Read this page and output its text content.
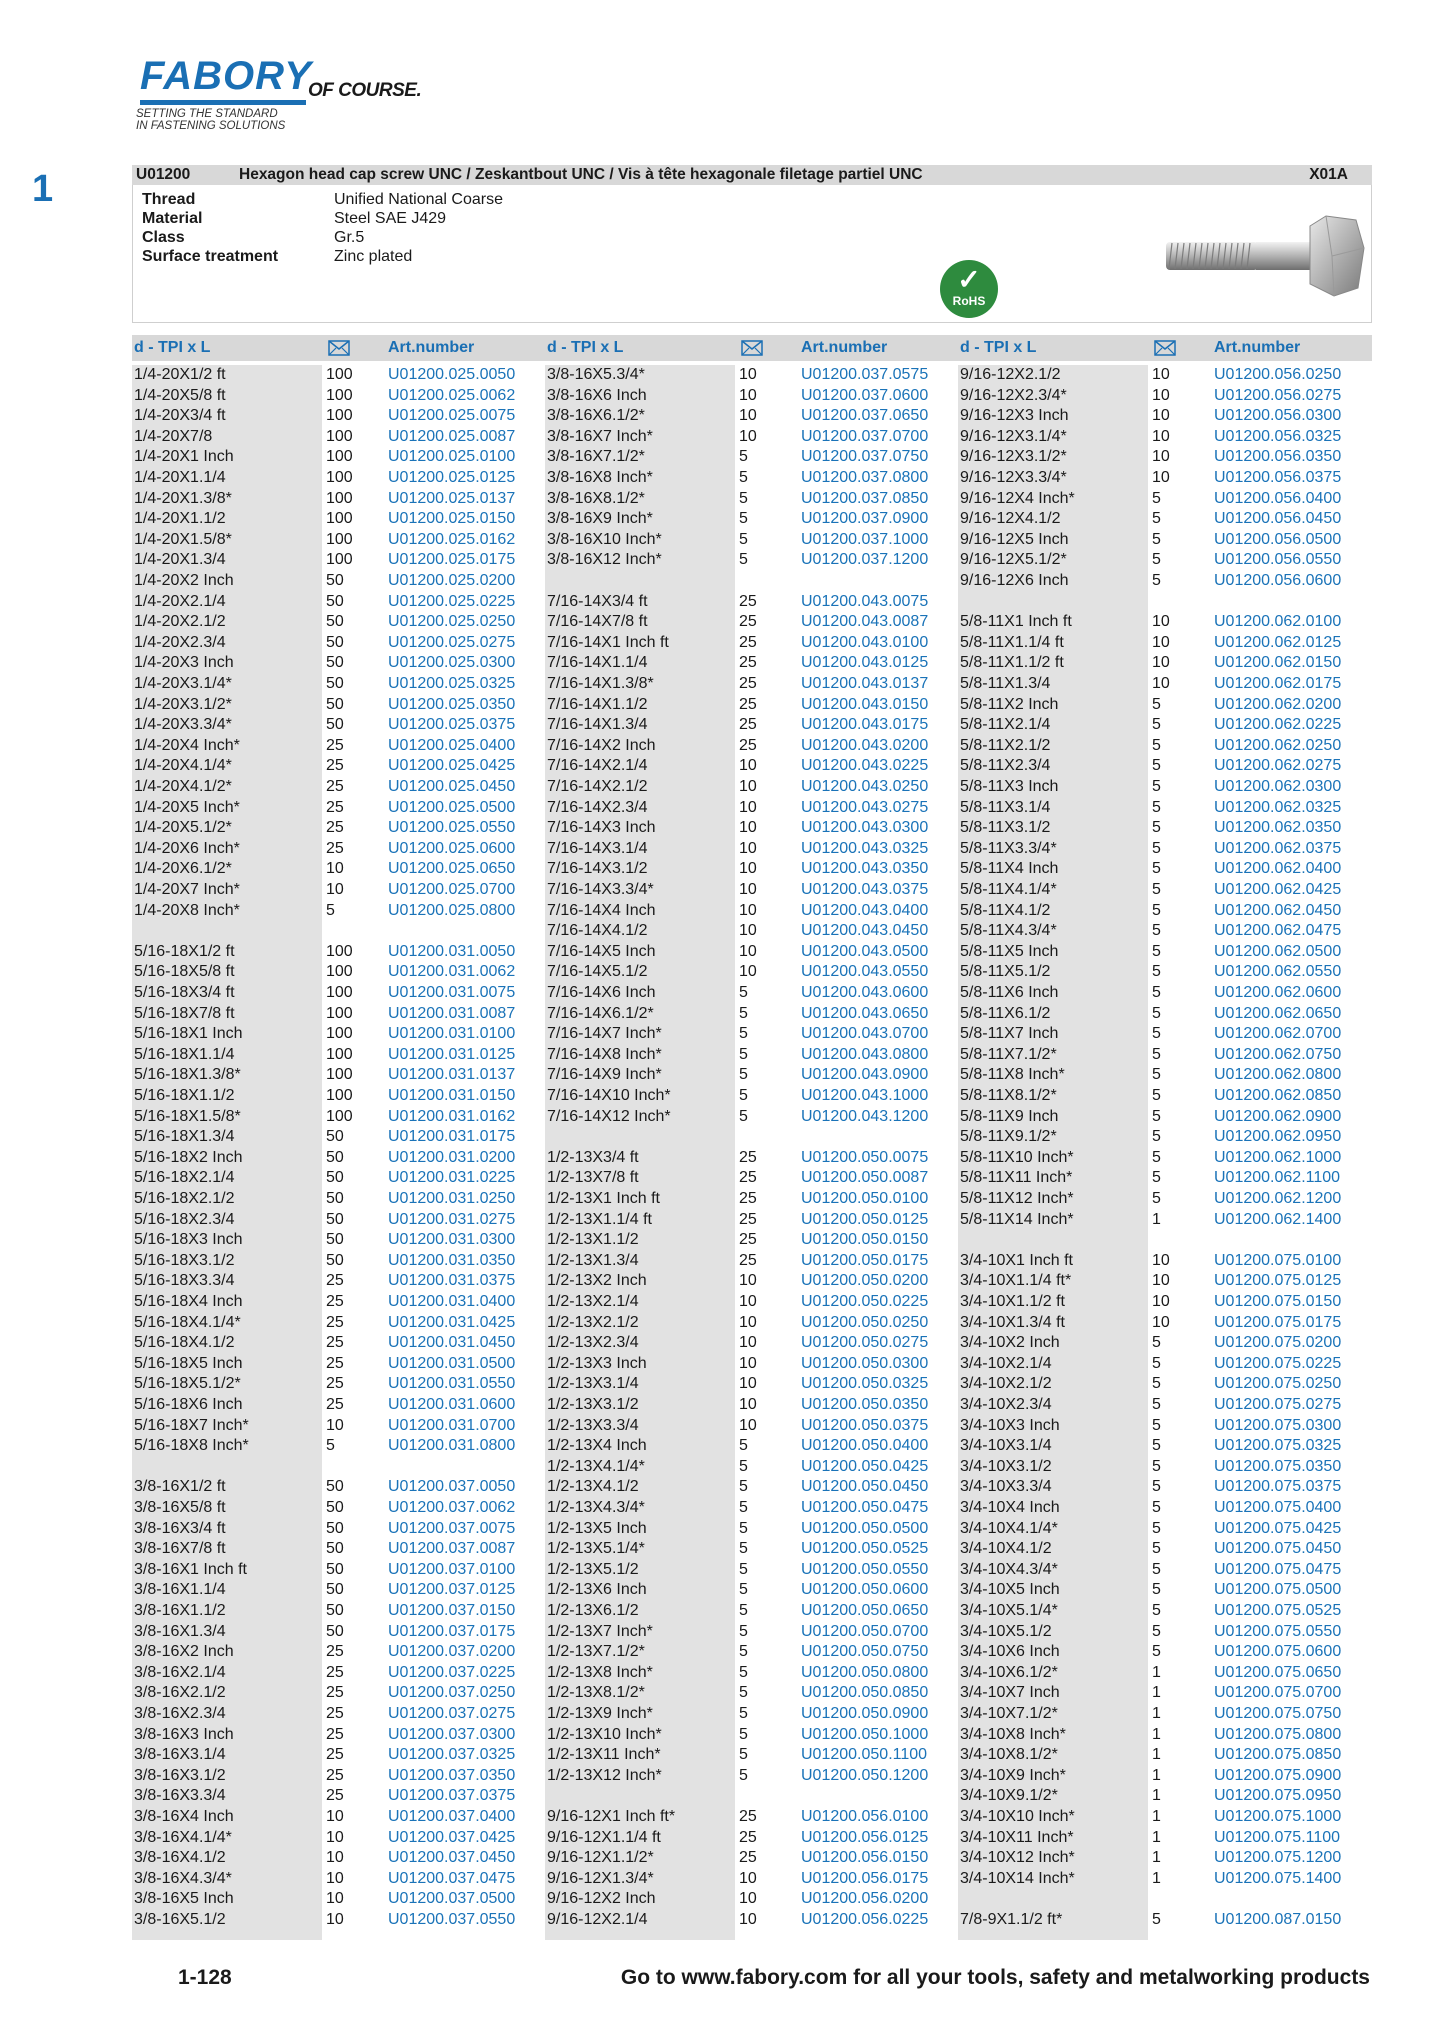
FABORY
OF COURSE.
SETTING THE STANDARD
IN FASTENING SOLUTIONS
1	U01200	Hexagon head cap screw UNC / Zeskantbout UNC / Vis à tête hexagonale filetage partiel UNC	X01A
Thread	Unified National Coarse
Material	Steel SAE J429
Class	Gr.5
Surface treatment	Zinc plated
✓
RoHS
d - TPI x L	Art.number	d - TPI x L	Art.number	d - TPI x L	Art.number
1/4-20X1/2 ft	100 U01200.025.0050
1/4-20X5/8 ft	100 U01200.025.0062
1/4-20X3/4 ft	100 U01200.025.0075
1/4-20X7/8	100 U01200.025.0087
1/4-20X1 Inch	100 U01200.025.0100
1/4-20X1.1/4	100 U01200.025.0125
1/4-20X1.3/8*	100 U01200.025.0137
1/4-20X1.1/2	100 U01200.025.0150
1/4-20X1.5/8*	100 U01200.025.0162
1/4-20X1.3/4	100 U01200.025.0175
1/4-20X2 Inch	50	U01200.025.0200
1/4-20X2.1/4	50	U01200.025.0225
1/4-20X2.1/2	50	U01200.025.0250
1/4-20X2.3/4	50	U01200.025.0275
1/4-20X3 Inch	50	U01200.025.0300
1/4-20X3.1/4*	50	U01200.025.0325
1/4-20X3.1/2*	50	U01200.025.0350
1/4-20X3.3/4*	50	U01200.025.0375
1/4-20X4 Inch*	25	U01200.025.0400
1/4-20X4.1/4*	25	U01200.025.0425
1/4-20X4.1/2*	25	U01200.025.0450
1/4-20X5 Inch*	25	U01200.025.0500
1/4-20X5.1/2*	25	U01200.025.0550
1/4-20X6 Inch*	25	U01200.025.0600
1/4-20X6.1/2*	10	U01200.025.0650
1/4-20X7 Inch*	10	U01200.025.0700
1/4-20X8 Inch*	5	U01200.025.0800
5/16-18X1/2 ft	100 U01200.031.0050
5/16-18X5/8 ft	100 U01200.031.0062
5/16-18X3/4 ft	100 U01200.031.0075
5/16-18X7/8 ft	100 U01200.031.0087
5/16-18X1 Inch	100 U01200.031.0100
5/16-18X1.1/4	100 U01200.031.0125
5/16-18X1.3/8*	100 U01200.031.0137
5/16-18X1.1/2	100 U01200.031.0150
5/16-18X1.5/8*	100 U01200.031.0162
5/16-18X1.3/4	50	U01200.031.0175
5/16-18X2 Inch	50	U01200.031.0200
5/16-18X2.1/4	50	U01200.031.0225
5/16-18X2.1/2	50	U01200.031.0250
5/16-18X2.3/4	50	U01200.031.0275
5/16-18X3 Inch	50	U01200.031.0300
5/16-18X3.1/2	50	U01200.031.0350
5/16-18X3.3/4	25	U01200.031.0375
5/16-18X4 Inch	25	U01200.031.0400
5/16-18X4.1/4*	25	U01200.031.0425
5/16-18X4.1/2	25	U01200.031.0450
5/16-18X5 Inch	25	U01200.031.0500
5/16-18X5.1/2*	25	U01200.031.0550
5/16-18X6 Inch	25	U01200.031.0600
5/16-18X7 Inch*	10	U01200.031.0700
5/16-18X8 Inch*	5	U01200.031.0800
3/8-16X1/2 ft	50	U01200.037.0050
3/8-16X5/8 ft	50	U01200.037.0062
3/8-16X3/4 ft	50	U01200.037.0075
3/8-16X7/8 ft	50	U01200.037.0087
3/8-16X1 Inch ft	50	U01200.037.0100
3/8-16X1.1/4	50	U01200.037.0125
3/8-16X1.1/2	50	U01200.037.0150
3/8-16X1.3/4	50	U01200.037.0175
3/8-16X2 Inch	25	U01200.037.0200
3/8-16X2.1/4	25	U01200.037.0225
3/8-16X2.1/2	25	U01200.037.0250
3/8-16X2.3/4	25	U01200.037.0275
3/8-16X3 Inch	25	U01200.037.0300
3/8-16X3.1/4	25	U01200.037.0325
3/8-16X3.1/2	25	U01200.037.0350
3/8-16X3.3/4	25	U01200.037.0375
3/8-16X4 Inch	10	U01200.037.0400
3/8-16X4.1/4*	10	U01200.037.0425
3/8-16X4.1/2	10	U01200.037.0450
3/8-16X4.3/4*	10	U01200.037.0475
3/8-16X5 Inch	10	U01200.037.0500
3/8-16X5.1/2	10	U01200.037.0550
3/8-16X5.3/4*	10	U01200.037.0575
3/8-16X6 Inch	10	U01200.037.0600
3/8-16X6.1/2*	10	U01200.037.0650
3/8-16X7 Inch*	10	U01200.037.0700
3/8-16X7.1/2*	5	U01200.037.0750
3/8-16X8 Inch*	5	U01200.037.0800
3/8-16X8.1/2*	5	U01200.037.0850
3/8-16X9 Inch*	5	U01200.037.0900
3/8-16X10 Inch*	5	U01200.037.1000
3/8-16X12 Inch*	5	U01200.037.1200
7/16-14X3/4 ft	25	U01200.043.0075
7/16-14X7/8 ft	25	U01200.043.0087
7/16-14X1 Inch ft	25	U01200.043.0100
7/16-14X1.1/4	25	U01200.043.0125
7/16-14X1.3/8*	25	U01200.043.0137
7/16-14X1.1/2	25	U01200.043.0150
7/16-14X1.3/4	25	U01200.043.0175
7/16-14X2 Inch	25	U01200.043.0200
7/16-14X2.1/4	10	U01200.043.0225
7/16-14X2.1/2	10	U01200.043.0250
7/16-14X2.3/4	10	U01200.043.0275
7/16-14X3 Inch	10	U01200.043.0300
7/16-14X3.1/4	10	U01200.043.0325
7/16-14X3.1/2	10	U01200.043.0350
7/16-14X3.3/4*	10	U01200.043.0375
7/16-14X4 Inch	10	U01200.043.0400
7/16-14X4.1/2	10	U01200.043.0450
7/16-14X5 Inch	10	U01200.043.0500
7/16-14X5.1/2	10	U01200.043.0550
7/16-14X6 Inch	5	U01200.043.0600
7/16-14X6.1/2*	5	U01200.043.0650
7/16-14X7 Inch*	5	U01200.043.0700
7/16-14X8 Inch*	5	U01200.043.0800
7/16-14X9 Inch*	5	U01200.043.0900
7/16-14X10 Inch*	5	U01200.043.1000
7/16-14X12 Inch*	5	U01200.043.1200
1/2-13X3/4 ft	25	U01200.050.0075
1/2-13X7/8 ft	25	U01200.050.0087
1/2-13X1 Inch ft	25	U01200.050.0100
1/2-13X1.1/4 ft	25	U01200.050.0125
1/2-13X1.1/2	25	U01200.050.0150
1/2-13X1.3/4	25	U01200.050.0175
1/2-13X2 Inch	10	U01200.050.0200
1/2-13X2.1/4	10	U01200.050.0225
1/2-13X2.1/2	10	U01200.050.0250
1/2-13X2.3/4	10	U01200.050.0275
1/2-13X3 Inch	10	U01200.050.0300
1/2-13X3.1/4	10	U01200.050.0325
1/2-13X3.1/2	10	U01200.050.0350
1/2-13X3.3/4	10	U01200.050.0375
1/2-13X4 Inch	5	U01200.050.0400
1/2-13X4.1/4*	5	U01200.050.0425
1/2-13X4.1/2	5	U01200.050.0450
1/2-13X4.3/4*	5	U01200.050.0475
1/2-13X5 Inch	5	U01200.050.0500
1/2-13X5.1/4*	5	U01200.050.0525
1/2-13X5.1/2	5	U01200.050.0550
1/2-13X6 Inch	5	U01200.050.0600
1/2-13X6.1/2	5	U01200.050.0650
1/2-13X7 Inch*	5	U01200.050.0700
1/2-13X7.1/2*	5	U01200.050.0750
1/2-13X8 Inch*	5	U01200.050.0800
1/2-13X8.1/2*	5	U01200.050.0850
1/2-13X9 Inch*	5	U01200.050.0900
1/2-13X10 Inch*	5	U01200.050.1000
1/2-13X11 Inch*	5	U01200.050.1100
1/2-13X12 Inch*	5	U01200.050.1200
9/16-12X1 Inch ft*	25	U01200.056.0100
9/16-12X1.1/4 ft	25	U01200.056.0125
9/16-12X1.1/2*	25	U01200.056.0150
9/16-12X1.3/4*	10	U01200.056.0175
9/16-12X2 Inch	10	U01200.056.0200
9/16-12X2.1/4	10	U01200.056.0225
9/16-12X2.1/2	10	U01200.056.0250
9/16-12X2.3/4*	10	U01200.056.0275
9/16-12X3 Inch	10	U01200.056.0300
9/16-12X3.1/4*	10	U01200.056.0325
9/16-12X3.1/2*	10	U01200.056.0350
9/16-12X3.3/4*	10	U01200.056.0375
9/16-12X4 Inch*	5	U01200.056.0400
9/16-12X4.1/2	5	U01200.056.0450
9/16-12X5 Inch	5	U01200.056.0500
9/16-12X5.1/2*	5	U01200.056.0550
9/16-12X6 Inch	5	U01200.056.0600
5/8-11X1 Inch ft	10	U01200.062.0100
5/8-11X1.1/4 ft	10	U01200.062.0125
5/8-11X1.1/2 ft	10	U01200.062.0150
5/8-11X1.3/4	10	U01200.062.0175
5/8-11X2 Inch	5	U01200.062.0200
5/8-11X2.1/4	5	U01200.062.0225
5/8-11X2.1/2	5	U01200.062.0250
5/8-11X2.3/4	5	U01200.062.0275
5/8-11X3 Inch	5	U01200.062.0300
5/8-11X3.1/4	5	U01200.062.0325
5/8-11X3.1/2	5	U01200.062.0350
5/8-11X3.3/4*	5	U01200.062.0375
5/8-11X4 Inch	5	U01200.062.0400
5/8-11X4.1/4*	5	U01200.062.0425
5/8-11X4.1/2	5	U01200.062.0450
5/8-11X4.3/4*	5	U01200.062.0475
5/8-11X5 Inch	5	U01200.062.0500
5/8-11X5.1/2	5	U01200.062.0550
5/8-11X6 Inch	5	U01200.062.0600
5/8-11X6.1/2	5	U01200.062.0650
5/8-11X7 Inch	5	U01200.062.0700
5/8-11X7.1/2*	5	U01200.062.0750
5/8-11X8 Inch*	5	U01200.062.0800
5/8-11X8.1/2*	5	U01200.062.0850
5/8-11X9 Inch	5	U01200.062.0900
5/8-11X9.1/2*	5	U01200.062.0950
5/8-11X10 Inch*	5	U01200.062.1000
5/8-11X11 Inch*	5	U01200.062.1100
5/8-11X12 Inch*	5	U01200.062.1200
5/8-11X14 Inch*	1	U01200.062.1400
3/4-10X1 Inch ft	10	U01200.075.0100
3/4-10X1.1/4 ft*	10	U01200.075.0125
3/4-10X1.1/2 ft	10	U01200.075.0150
3/4-10X1.3/4 ft	10	U01200.075.0175
3/4-10X2 Inch	5	U01200.075.0200
3/4-10X2.1/4	5	U01200.075.0225
3/4-10X2.1/2	5	U01200.075.0250
3/4-10X2.3/4	5	U01200.075.0275
3/4-10X3 Inch	5	U01200.075.0300
3/4-10X3.1/4	5	U01200.075.0325
3/4-10X3.1/2	5	U01200.075.0350
3/4-10X3.3/4	5	U01200.075.0375
3/4-10X4 Inch	5	U01200.075.0400
3/4-10X4.1/4*	5	U01200.075.0425
3/4-10X4.1/2	5	U01200.075.0450
3/4-10X4.3/4*	5	U01200.075.0475
3/4-10X5 Inch	5	U01200.075.0500
3/4-10X5.1/4*	5	U01200.075.0525
3/4-10X5.1/2	5	U01200.075.0550
3/4-10X6 Inch	5	U01200.075.0600
3/4-10X6.1/2*	1	U01200.075.0650
3/4-10X7 Inch	1	U01200.075.0700
3/4-10X7.1/2*	1	U01200.075.0750
3/4-10X8 Inch*	1	U01200.075.0800
3/4-10X8.1/2*	1	U01200.075.0850
3/4-10X9 Inch*	1	U01200.075.0900
3/4-10X9.1/2*	1	U01200.075.0950
3/4-10X10 Inch*	1	U01200.075.1000
3/4-10X11 Inch*	1	U01200.075.1100
3/4-10X12 Inch*	1	U01200.075.1200
3/4-10X14 Inch*	1	U01200.075.1400
7/8-9X1.1/2 ft*	5	U01200.087.0150
1-128	Go to www.fabory.com for all your tools, safety and metalworking products
